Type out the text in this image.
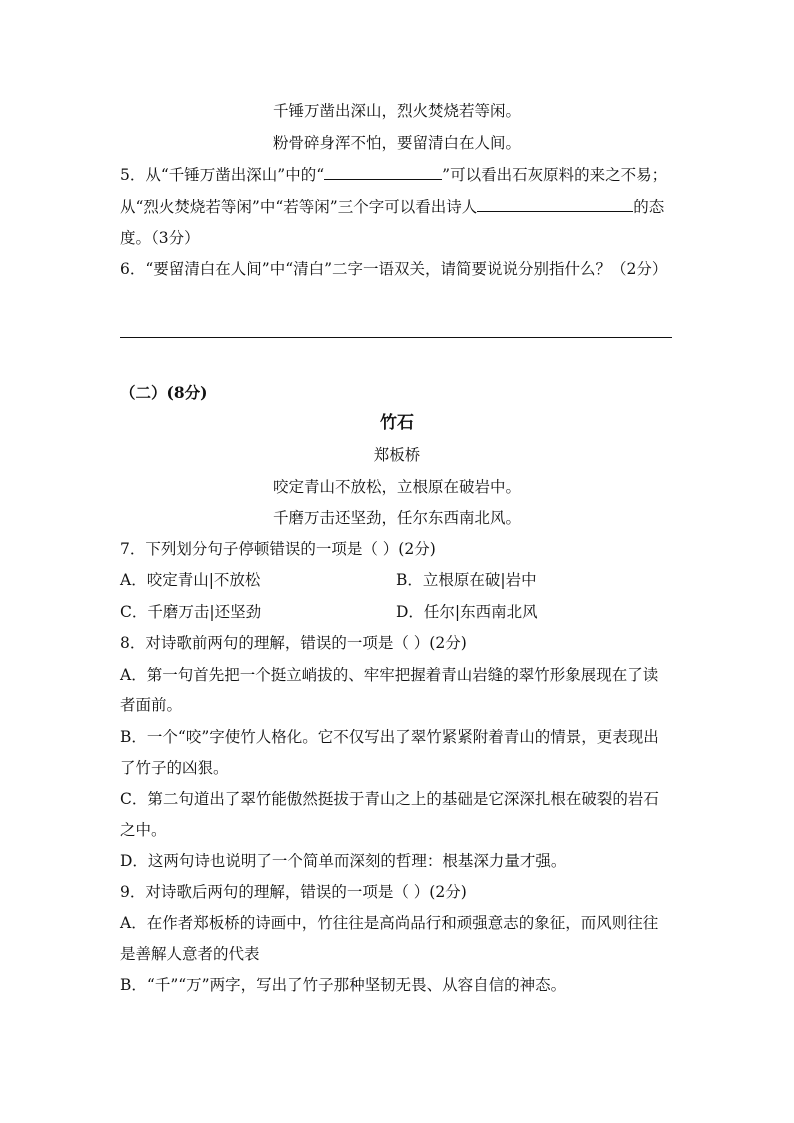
千锤万凿出深山，烈火焚烧若等闲。
粉骨碎身浑不怕，要留清白在人间。
5．从“千锤万凿出深山”中的“	”可以看出石灰原料的来之不易；
从“烈火焚烧若等闲”中“若等闲”三个字可以看出诗人	的态
度。（3分）
6．“要留清白在人间”中“清白”二字一语双关，请简要说说分别指什么？（2分）
（二）(8分)
竹石
郑板桥
咬定青山不放松，立根原在破岩中。
千磨万击还坚劲，任尔东西南北风。
7．下列划分句子停顿错误的一项是（ ）(2分)
A．咬定青山|不放松	B．立根原在破|岩中
C．千磨万击|还坚劲	D．任尔|东西南北风
8．对诗歌前两句的理解，错误的一项是（ ）(2分)
A．第一句首先把一个挺立峭拔的、牢牢把握着青山岩缝的翠竹形象展现在了读
者面前。
B．一个“咬”字使竹人格化。它不仅写出了翠竹紧紧附着青山的情景，更表现出
了竹子的凶狠。
C．第二句道出了翠竹能傲然挺拔于青山之上的基础是它深深扎根在破裂的岩石
之中。
D．这两句诗也说明了一个简单而深刻的哲理：根基深力量才强。
9．对诗歌后两句的理解，错误的一项是（ ）(2分)
A．在作者郑板桥的诗画中，竹往往是高尚品行和顽强意志的象征，而风则往往
是善解人意者的代表
B．“千”“万”两字，写出了竹子那种坚韧无畏、从容自信的神态。
